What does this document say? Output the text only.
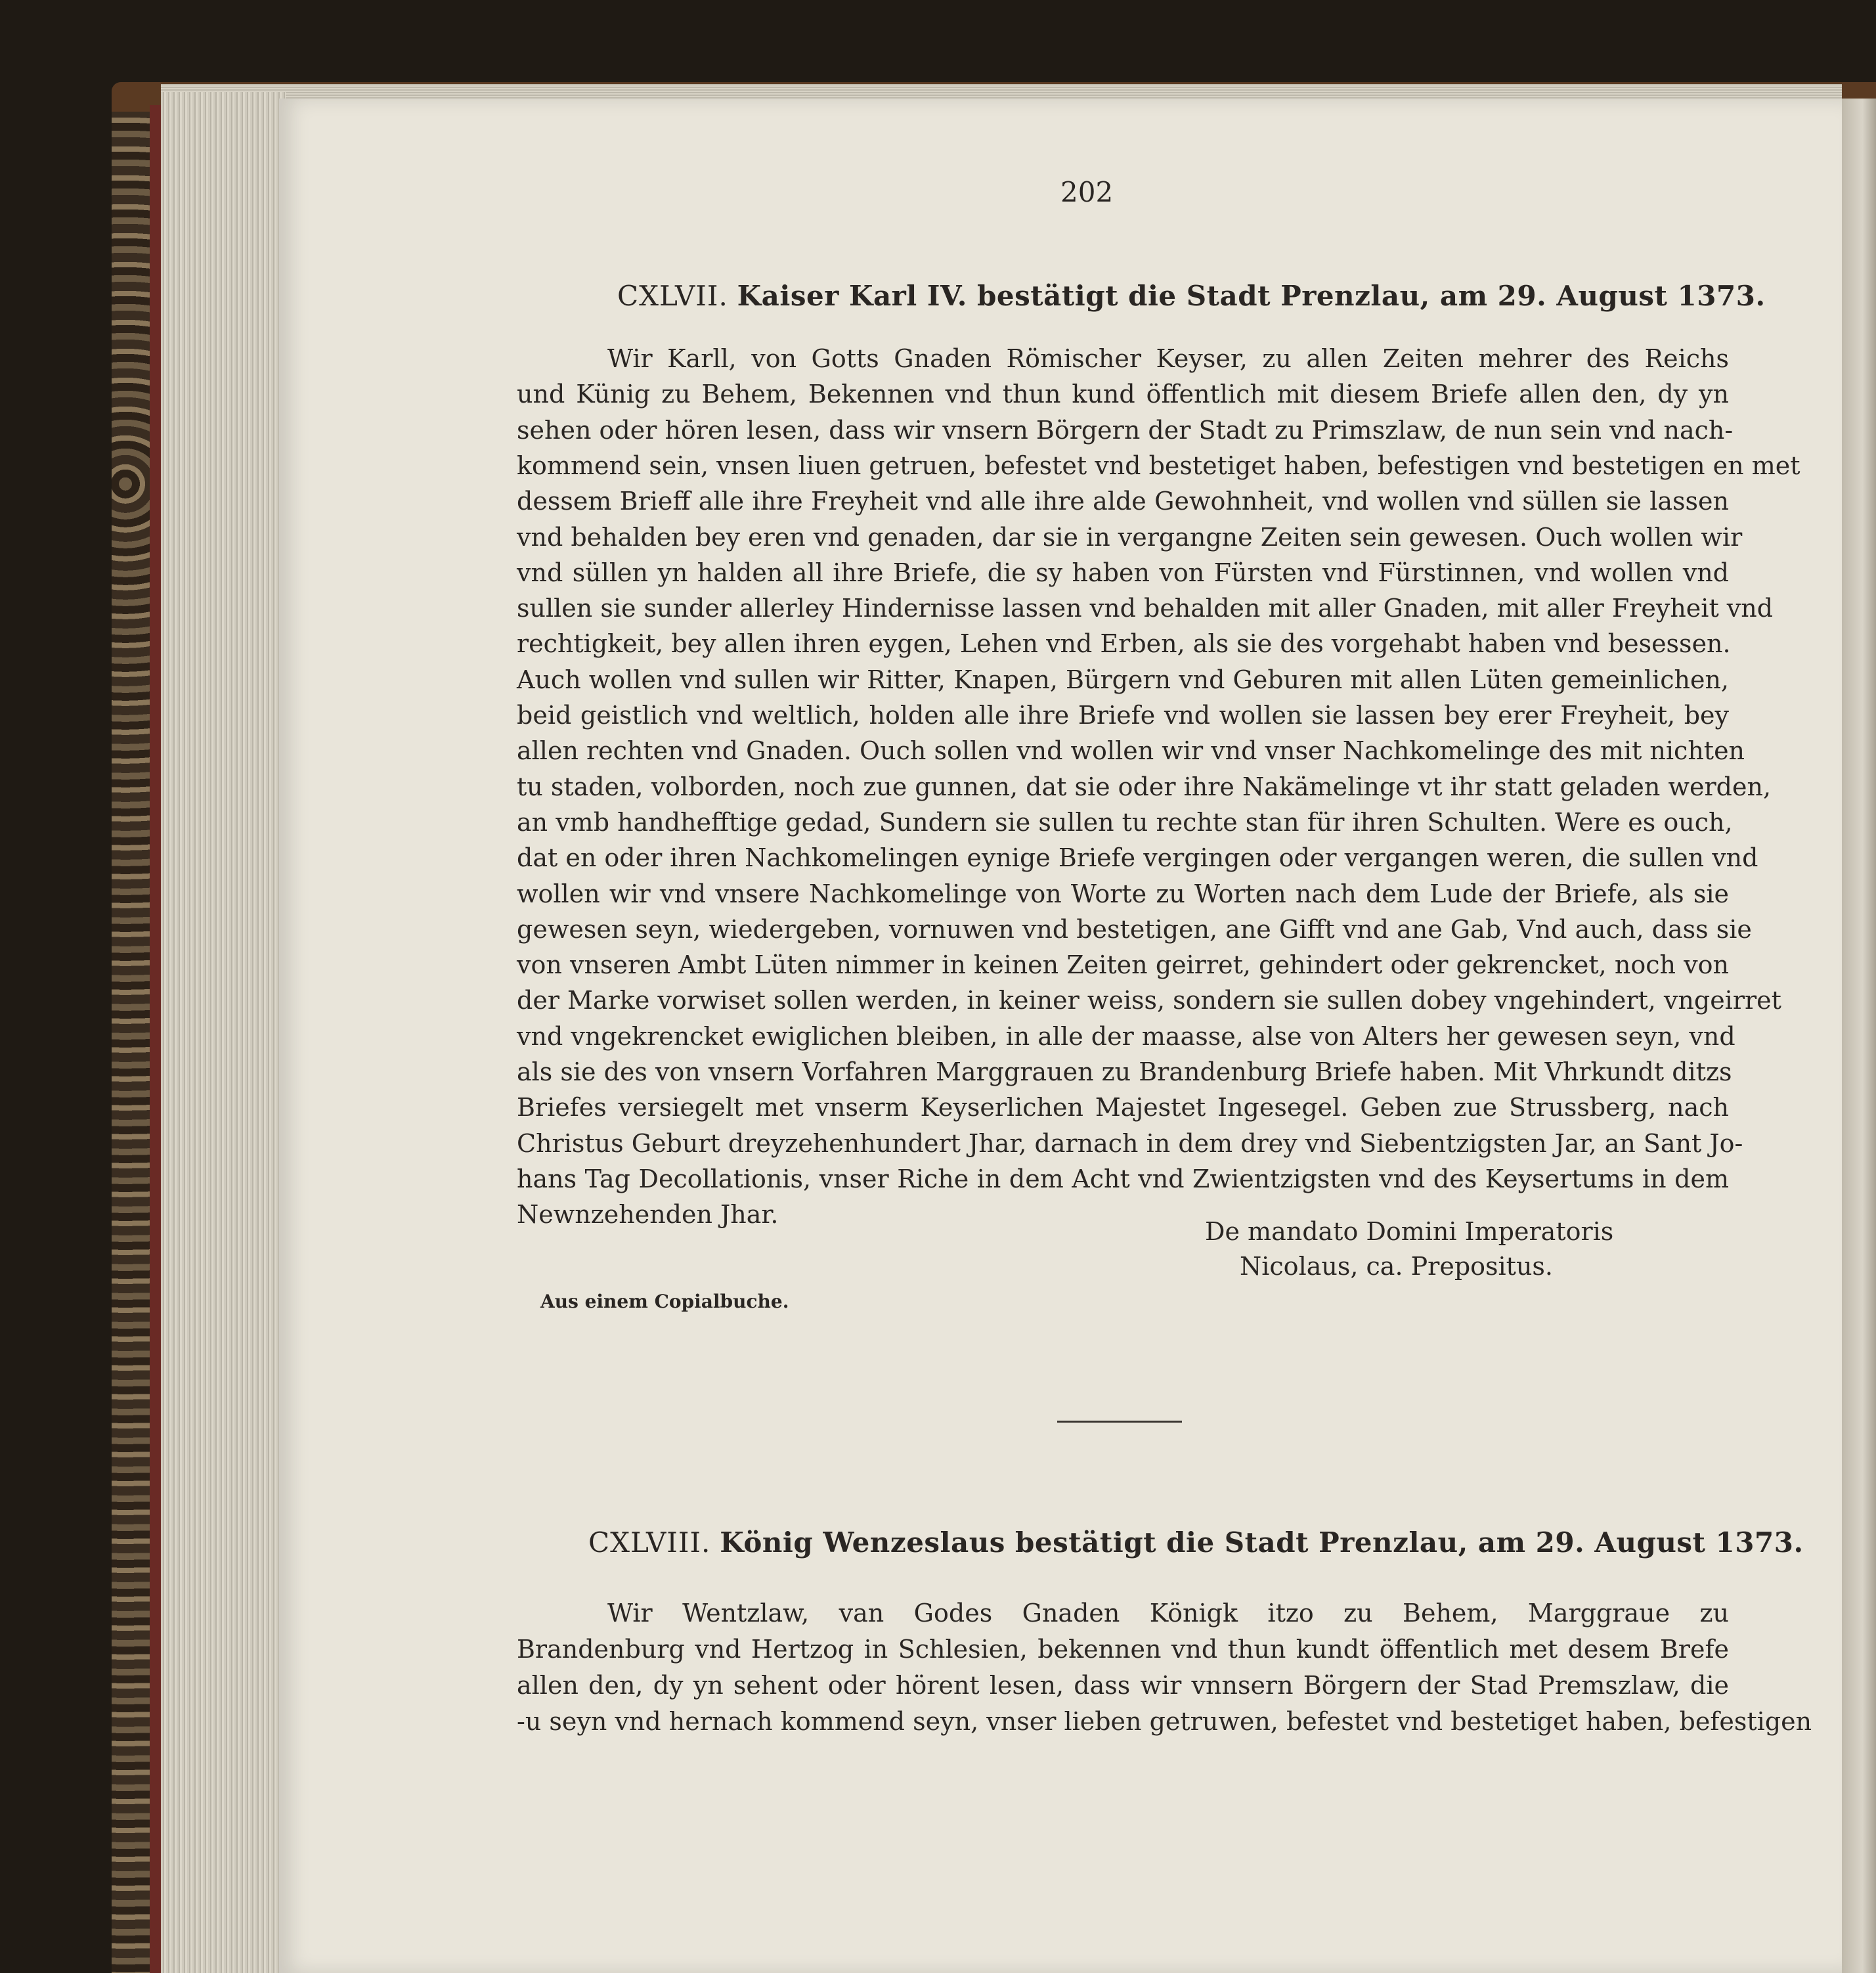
202
CXLVII. Kaiser Karl IV. bestätigt die Stadt Prenzlau, am 29. August 1373.
Wir Karll, von Gotts Gnaden Römischer Keyser, zu allen Zeiten mehrer des Reichs
und Künig zu Behem, Bekennen vnd thun kund öffentlich mit diesem Briefe allen den, dy yn
sehen oder hören lesen, dass wir vnsern Börgern der Stadt zu Primszlaw, de nun sein vnd nach-
kommend sein, vnsen liuen getruen, befestet vnd bestetiget haben, befestigen vnd bestetigen en met
dessem Brieff alle ihre Freyheit vnd alle ihre alde Gewohnheit, vnd wollen vnd süllen sie lassen
vnd behalden bey eren vnd genaden, dar sie in vergangne Zeiten sein gewesen. Ouch wollen wir
vnd süllen yn halden all ihre Briefe, die sy haben von Fürsten vnd Fürstinnen, vnd wollen vnd
sullen sie sunder allerley Hindernisse lassen vnd behalden mit aller Gnaden, mit aller Freyheit vnd
rechtigkeit, bey allen ihren eygen, Lehen vnd Erben, als sie des vorgehabt haben vnd besessen.
Auch wollen vnd sullen wir Ritter, Knapen, Bürgern vnd Geburen mit allen Lüten gemeinlichen,
beid geistlich vnd weltlich, holden alle ihre Briefe vnd wollen sie lassen bey erer Freyheit, bey
allen rechten vnd Gnaden. Ouch sollen vnd wollen wir vnd vnser Nachkomelinge des mit nichten
tu staden, volborden, noch zue gunnen, dat sie oder ihre Nakämelinge vt ihr statt geladen werden,
an vmb handhefftige gedad, Sundern sie sullen tu rechte stan für ihren Schulten. Were es ouch,
dat en oder ihren Nachkomelingen eynige Briefe vergingen oder vergangen weren, die sullen vnd
wollen wir vnd vnsere Nachkomelinge von Worte zu Worten nach dem Lude der Briefe, als sie
gewesen seyn, wiedergeben, vornuwen vnd bestetigen, ane Gifft vnd ane Gab, Vnd auch, dass sie
von vnseren Ambt Lüten nimmer in keinen Zeiten geirret, gehindert oder gekrencket, noch von
der Marke vorwiset sollen werden, in keiner weiss, sondern sie sullen dobey vngehindert, vngeirret
vnd vngekrencket ewiglichen bleiben, in alle der maasse, alse von Alters her gewesen seyn, vnd
als sie des von vnsern Vorfahren Marggrauen zu Brandenburg Briefe haben. Mit Vhrkundt ditzs
Briefes versiegelt met vnserm Keyserlichen Majestet Ingesegel. Geben zue Strussberg, nach
Christus Geburt dreyzehenhundert Jhar, darnach in dem drey vnd Siebentzigsten Jar, an Sant Jo-
hans Tag Decollationis, vnser Riche in dem Acht vnd Zwientzigsten vnd des Keysertums in dem
Newnzehenden Jhar.
De mandato Domini Imperatoris
Nicolaus, ca. Prepositus.
Aus einem Copialbuche.
CXLVIII. König Wenzeslaus bestätigt die Stadt Prenzlau, am 29. August 1373.
Wir Wentzlaw, van Godes Gnaden Königk itzo zu Behem, Marggraue zu
Brandenburg vnd Hertzog in Schlesien, bekennen vnd thun kundt öffentlich met desem Brefe
allen den, dy yn sehent oder hörent lesen, dass wir vnnsern Börgern der Stad Premszlaw, die
‐u seyn vnd hernach kommend seyn, vnser lieben getruwen, befestet vnd bestetiget haben, befestigen
